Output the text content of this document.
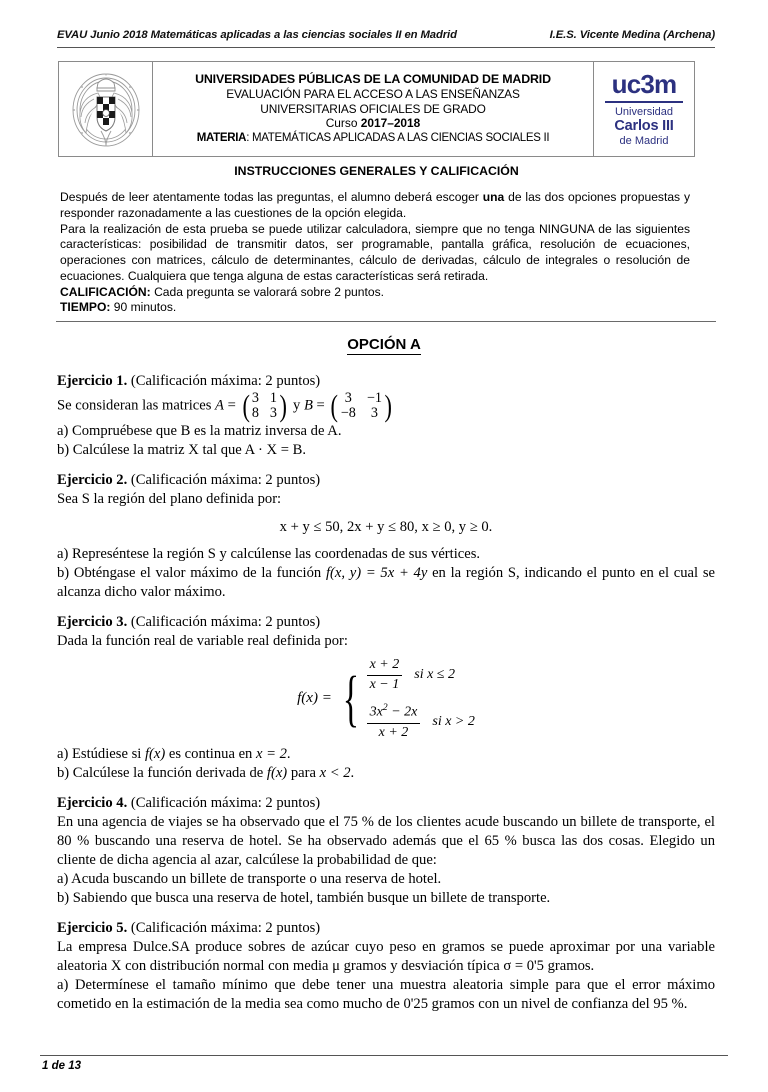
EVAU Junio 2018 Matemáticas aplicadas a las ciencias sociales II en Madrid	I.E.S. Vicente Medina (Archena)
UNIVERSIDADES PÚBLICAS DE LA COMUNIDAD DE MADRID
EVALUACIÓN PARA EL ACCESO A LAS ENSEÑANZAS
UNIVERSITARIAS OFICIALES DE GRADO
Curso 2017–2018
MATERIA: MATEMÁTICAS APLICADAS A LAS CIENCIAS SOCIALES II
uc3m
Universidad
Carlos III
de Madrid
INSTRUCCIONES GENERALES Y CALIFICACIÓN

Después de leer atentamente todas las preguntas, el alumno deberá escoger una de las dos opciones propuestas y responder razonadamente a las cuestiones de la opción elegida.

Para la realización de esta prueba se puede utilizar calculadora, siempre que no tenga NINGUNA de las siguientes características: posibilidad de transmitir datos, ser programable, pantalla gráfica, resolución de ecuaciones, operaciones con matrices, cálculo de determinantes, cálculo de derivadas, cálculo de integrales o resolución de ecuaciones. Cualquiera que tenga alguna de estas características será retirada.

CALIFICACIÓN: Cada pregunta se valorará sobre 2 puntos.

TIEMPO: 90 minutos.

OPCIÓN A
Ejercicio 1. (Calificación máxima: 2 puntos)
Se consideran las matrices A = ( 3 1
8 3 ) y B = ( 3 −1
−8 3 )
a) Compruébese que B es la matriz inversa de A.
b) Calcúlese la matriz X tal que A · X = B.
Ejercicio 2. (Calificación máxima: 2 puntos)
Sea S la región del plano definida por:
x + y ≤ 50, 2x + y ≤ 80, x ≥ 0, y ≥ 0.
a) Represéntese la región S y calcúlense las coordenadas de sus vértices.
b) Obténgase el valor máximo de la función f(x, y) = 5x + 4y en la región S, indicando el punto en el cual se alcanza dicho valor máximo.
Ejercicio 3. (Calificación máxima: 2 puntos)
Dada la función real de variable real definida por:
f(x) = { $\frac{x + 2}{x - 1}$ si x ≤ 2
$\frac{3x^2 - 2x}{x + 2}$ si x > 2
a) Estúdiese si f(x) es continua en x = 2.
b) Calcúlese la función derivada de f(x) para x < 2.
Ejercicio 4. (Calificación máxima: 2 puntos)
En una agencia de viajes se ha observado que el 75 % de los clientes acude buscando un billete de transporte, el 80 % buscando una reserva de hotel. Se ha observado además que el 65 % busca las dos cosas. Elegido un cliente de dicha agencia al azar, calcúlese la probabilidad de que:
a) Acuda buscando un billete de transporte o una reserva de hotel.
b) Sabiendo que busca una reserva de hotel, también busque un billete de transporte.
Ejercicio 5. (Calificación máxima: 2 puntos)
La empresa Dulce.SA produce sobres de azúcar cuyo peso en gramos se puede aproximar por una variable aleatoria X con distribución normal con media μ gramos y desviación típica σ = 0'5 gramos.
a) Determínese el tamaño mínimo que debe tener una muestra aleatoria simple para que el error máximo cometido en la estimación de la media sea como mucho de 0'25 gramos con un nivel de confianza del 95 %.
1 de 13
